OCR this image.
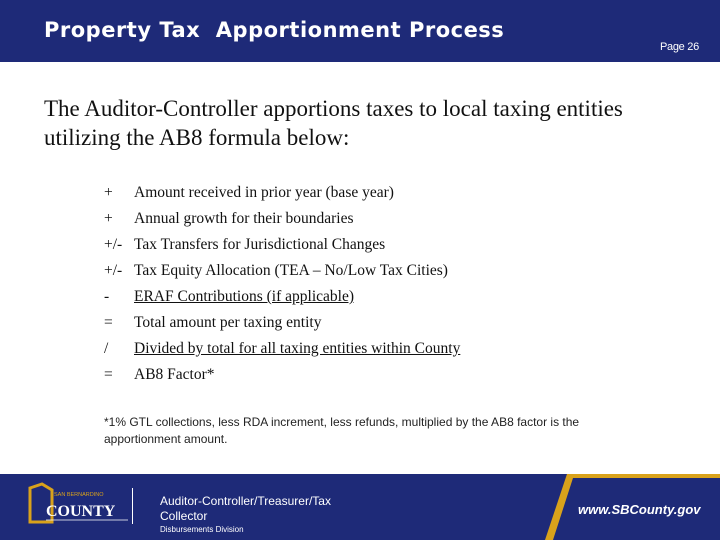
Property Tax  Apportionment Process
Page 26
The Auditor-Controller apportions taxes to local taxing entities utilizing the AB8 formula below:
+ Amount received in prior year (base year)
+ Annual growth for their boundaries
+/- Tax Transfers for Jurisdictional Changes
+/- Tax Equity Allocation (TEA – No/Low Tax Cities)
- ERAF Contributions (if applicable)
= Total amount per taxing entity
/ Divided by total for all taxing entities within County
= AB8 Factor*
*1% GTL collections, less RDA increment, less refunds, multiplied by the AB8 factor is the apportionment amount.
SAN BERNARDINO
COUNTY
Auditor-Controller/Treasurer/Tax Collector
Disbursements Division
www.SBCounty.gov
